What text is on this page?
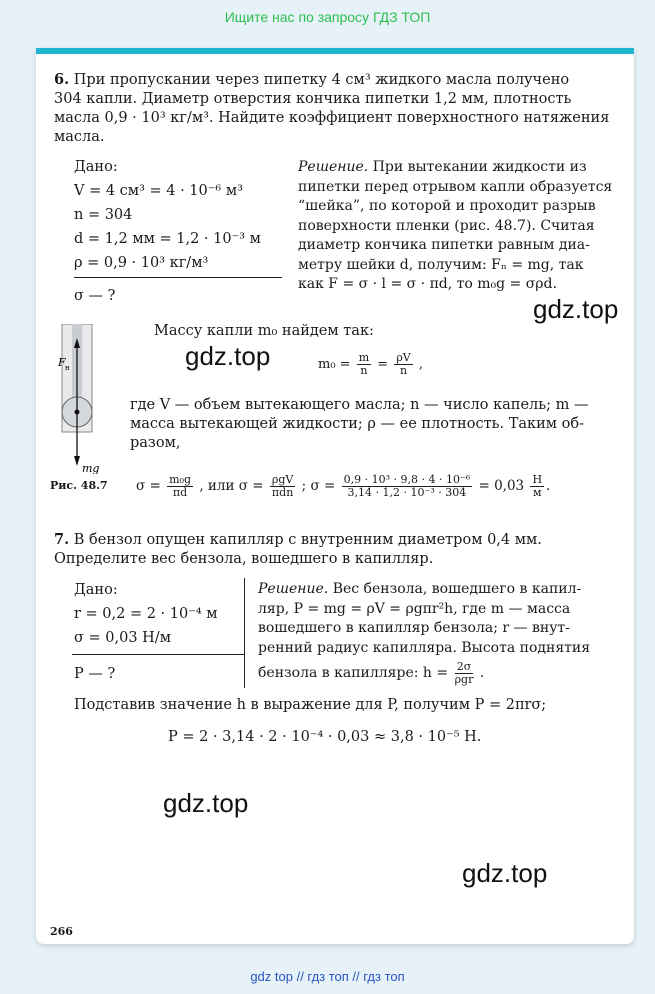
Ищите нас по запросу ГДЗ ТОП
6. При пропускании через пипетку 4 см³ жидкого масла получено
304 капли. Диаметр отверстия кончика пипетки 1,2 мм, плотность
масла 0,9 · 10³ кг/м³. Найдите коэффициент поверхностного натяжения
масла.
Дано:
V = 4 см³ = 4 · 10⁻⁶ м³
n = 304
d = 1,2 мм = 1,2 · 10⁻³ м
ρ = 0,9 · 10³ кг/м³
σ — ?
Решение. При вытекании жидкости из
пипетки перед отрывом капли образуется
“шейка”, по которой и проходит разрыв
поверхности пленки (рис. 48.7). Считая
диаметр кончика пипетки равным диа-
метру шейки d, получим: Fₙ = mg, так
как F = σ · l = σ · πd, то m₀g = σρd.
F н
mg
Рис. 48.7
Массу капли m₀ найдем так:
$m_0 = \frac{m}{n} = \frac{\rho V}{n}$ ,
где V — объем вытекающего масла; n — число капель; m —
масса вытекающей жидкости; ρ — ее плотность. Таким об-
разом,
$\sigma = \frac{\text{m₀g}}{\pi d}$ , или $\sigma = \frac{\text{ρgV}}{\text{πdn}}$ ; $\sigma = \frac{\text{0,9 · 10³ · 9,8 · 4 · 10⁻⁶}}{\text{3,14 · 1,2 · 10⁻³ · 304}} = 0,03 \frac{Н}{м}$ .
7. В бензол опущен капилляр с внутренним диаметром 0,4 мм.
Определите вес бензола, вошедшего в капилляр.
Дано:
r = 0,2 = 2 · 10⁻⁴ м
σ = 0,03 Н/м
P — ?
Решение. Вес бензола, вошедшего в капил-
ляр, P = mg = ρV = ρgπr²h, где m — масса
вошедшего в капилляр бензола; r — внут-
ренний радиус капилляра. Высота поднятия
бензола в капилляре: $h = \frac{2\sigma}{\text{ρgr}}$ .
Подставив значение h в выражение для P, получим P = 2πrσ;
P = 2 · 3,14 · 2 · 10⁻⁴ · 0,03 ≈ 3,8 · 10⁻⁵ Н.
266
gdz.top
gdz.top
gdz.top
gdz.top
gdz top // гдз топ // гдз топ
